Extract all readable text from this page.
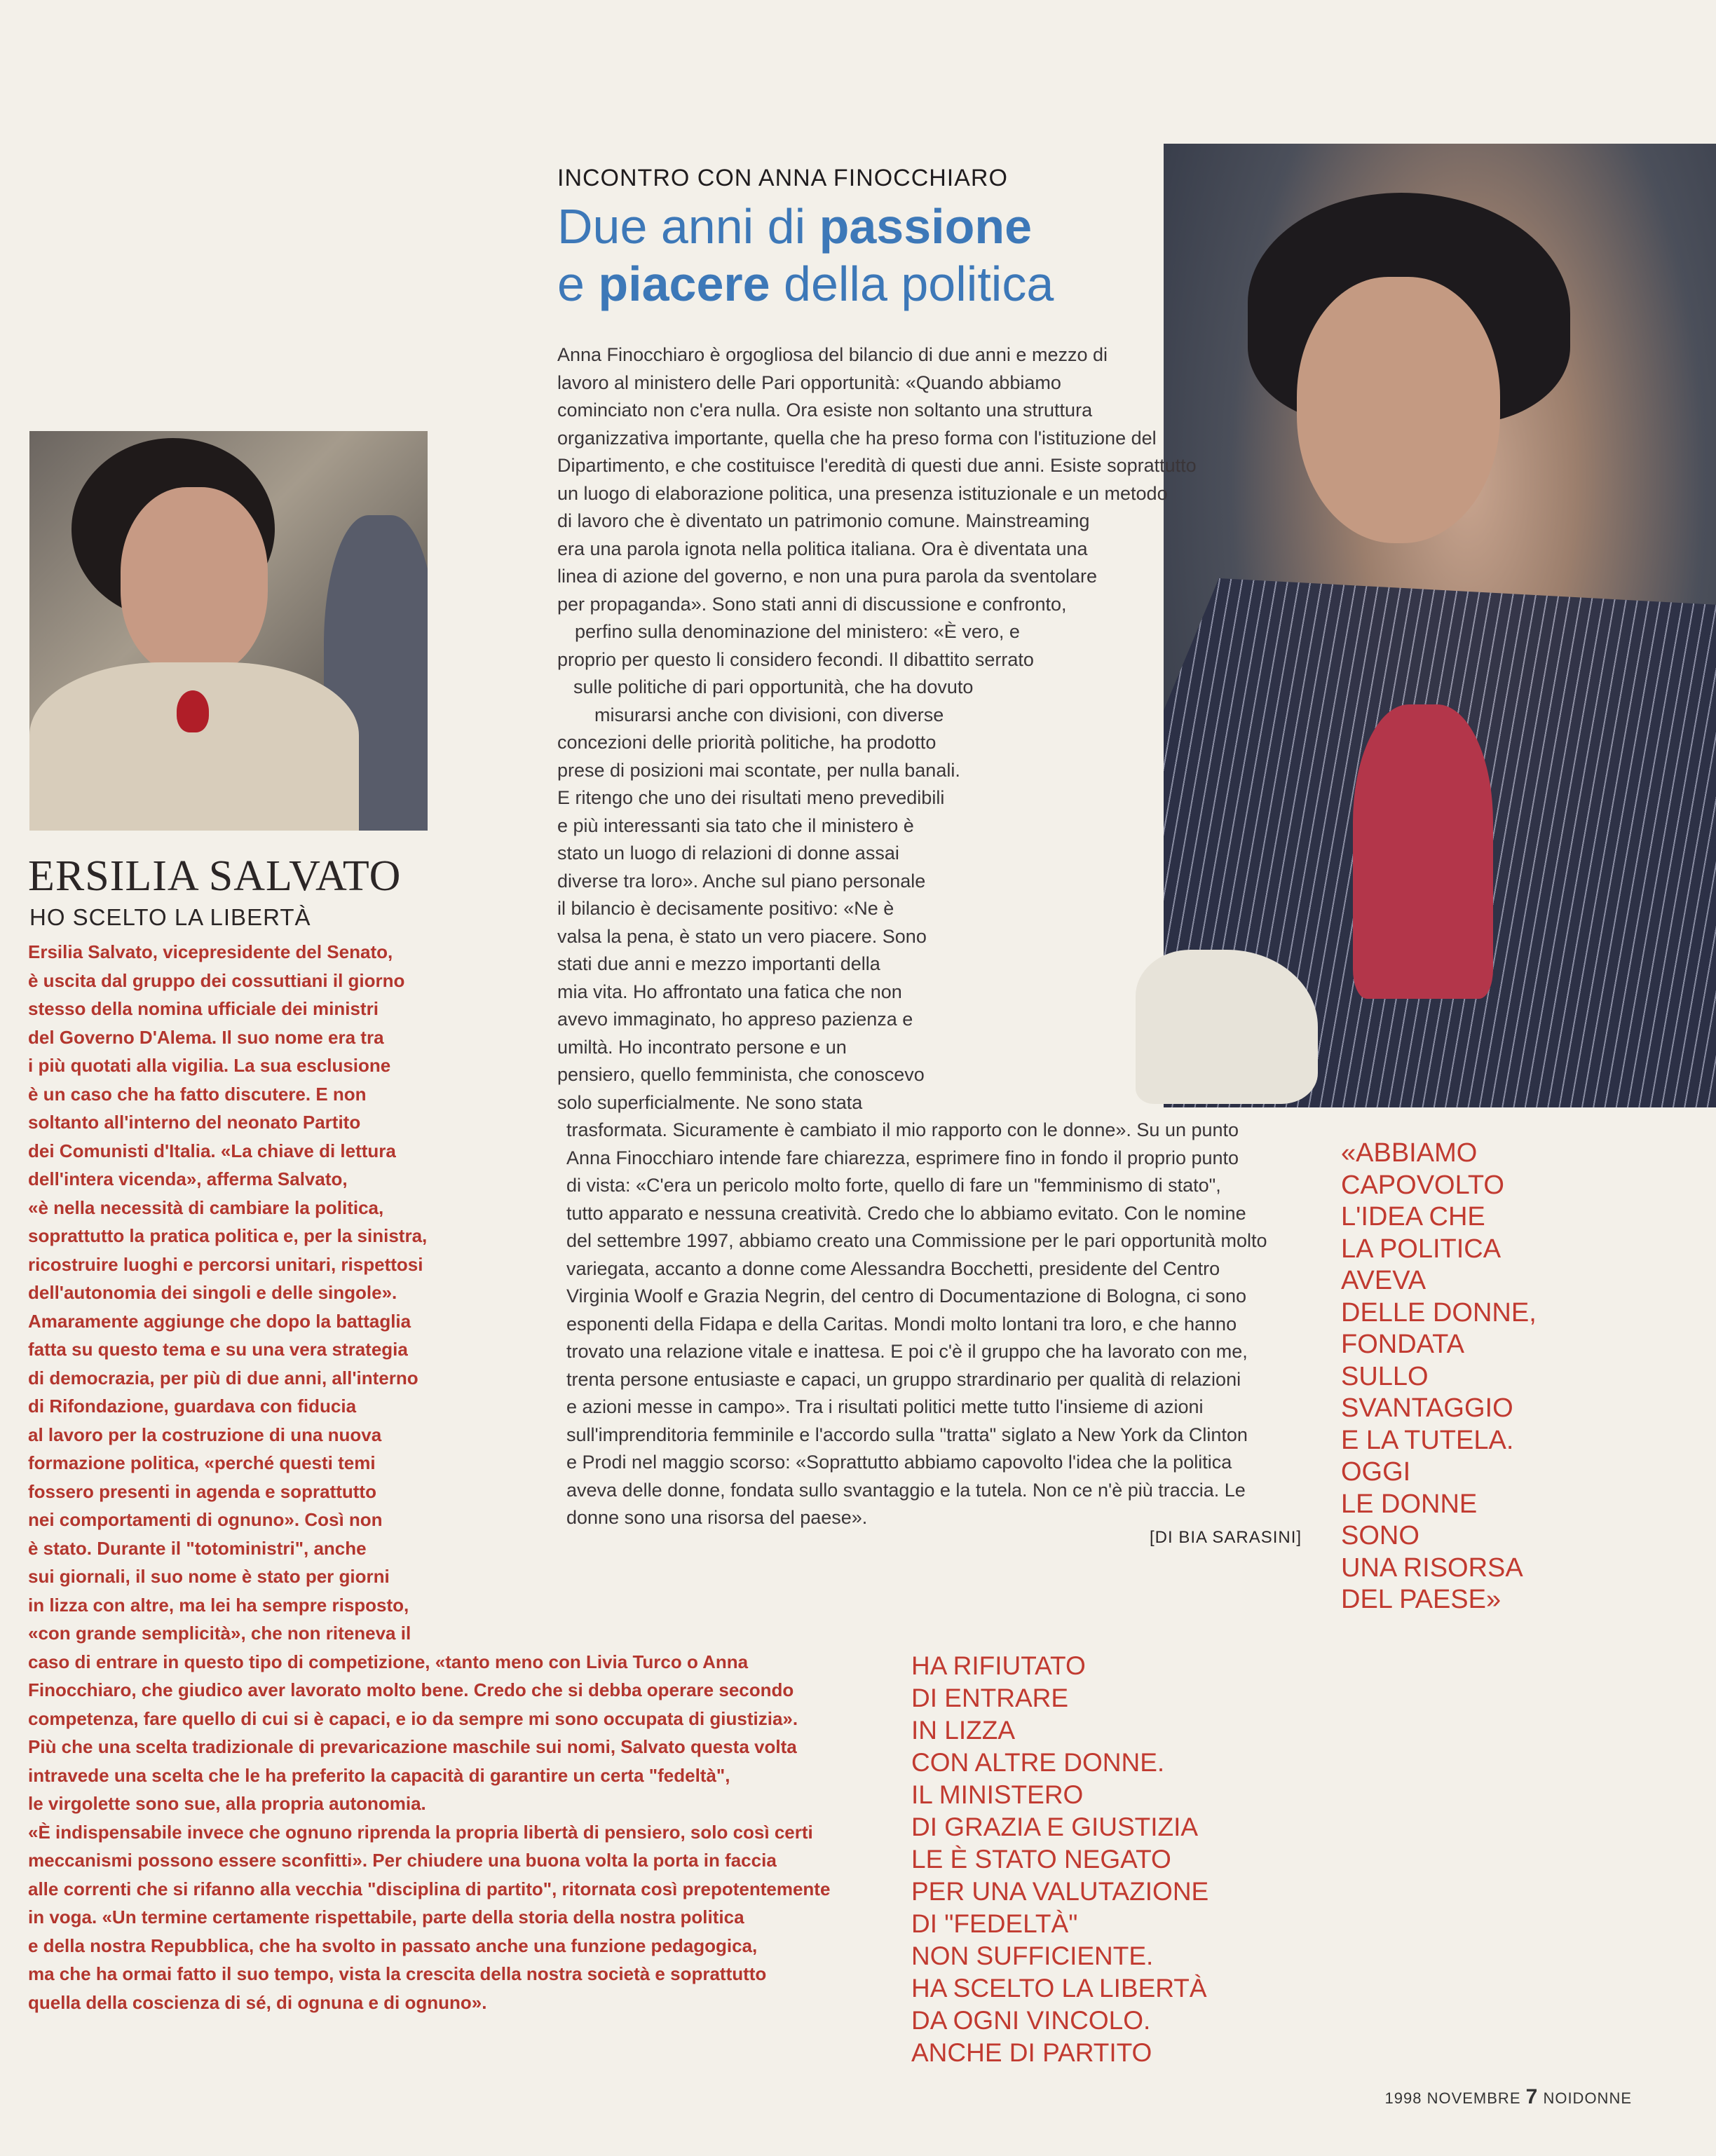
INCONTRO CON ANNA FINOCCHIARO
Due anni di passione
e piacere della politica
Anna Finocchiaro è orgogliosa del bilancio di due anni e mezzo di
lavoro al ministero delle Pari opportunità: «Quando abbiamo
cominciato non c'era nulla. Ora esiste non soltanto una struttura
organizzativa importante, quella che ha preso forma con l'istituzione del
Dipartimento, e che costituisce l'eredità di questi due anni. Esiste soprattutto
un luogo di elaborazione politica, una presenza istituzionale e un metodo
di lavoro che è diventato un patrimonio comune. Mainstreaming
era una parola ignota nella politica italiana. Ora è diventata una
linea di azione del governo, e non una pura parola da sventolare
per propaganda». Sono stati anni di discussione e confronto,
perfino sulla denominazione del ministero: «È vero, e
proprio per questo li considero fecondi. Il dibattito serrato
sulle politiche di pari opportunità, che ha dovuto
misurarsi anche con divisioni, con diverse
concezioni delle priorità politiche, ha prodotto
prese di posizioni mai scontate, per nulla banali.
E ritengo che uno dei risultati meno prevedibili
e più interessanti sia tato che il ministero è
stato un luogo di relazioni di donne assai
diverse tra loro». Anche sul piano personale
il bilancio è decisamente positivo: «Ne è
valsa la pena, è stato un vero piacere. Sono
stati due anni e mezzo importanti della
mia vita. Ho affrontato una fatica che non
avevo immaginato, ho appreso pazienza e
umiltà. Ho incontrato persone e un
pensiero, quello femminista, che conoscevo
solo superficialmente. Ne sono stata
trasformata. Sicuramente è cambiato il mio rapporto con le donne». Su un punto
Anna Finocchiaro intende fare chiarezza, esprimere fino in fondo il proprio punto
di vista: «C'era un pericolo molto forte, quello di fare un "femminismo di stato",
tutto apparato e nessuna creatività. Credo che lo abbiamo evitato. Con le nomine
del settembre 1997, abbiamo creato una Commissione per le pari opportunità molto
variegata, accanto a donne come Alessandra Bocchetti, presidente del Centro
Virginia Woolf e Grazia Negrin, del centro di Documentazione di Bologna, ci sono
esponenti della Fidapa e della Caritas. Mondi molto lontani tra loro, e che hanno
trovato una relazione vitale e inattesa. E poi c'è il gruppo che ha lavorato con me,
trenta persone entusiaste e capaci, un gruppo strardinario per qualità di relazioni
e azioni messe in campo». Tra i risultati politici mette tutto l'insieme di azioni
sull'imprenditoria femminile e l'accordo sulla "tratta" siglato a New York da Clinton
e Prodi nel maggio scorso: «Soprattutto abbiamo capovolto l'idea che la politica
aveva delle donne, fondata sullo svantaggio e la tutela. Non ce n'è più traccia. Le
donne sono una risorsa del paese».
[DI BIA SARASINI]
ERSILIA SALVATO
HO SCELTO LA LIBERTÀ
Ersilia Salvato, vicepresidente del Senato,
è uscita dal gruppo dei cossuttiani il giorno
stesso della nomina ufficiale dei ministri
del Governo D'Alema. Il suo nome era tra
i più quotati alla vigilia. La sua esclusione
è un caso che ha fatto discutere. E non
soltanto all'interno del neonato Partito
dei Comunisti d'Italia. «La chiave di lettura
dell'intera vicenda», afferma Salvato,
«è nella necessità di cambiare la politica,
soprattutto la pratica politica e, per la sinistra,
ricostruire luoghi e percorsi unitari, rispettosi
dell'autonomia dei singoli e delle singole».
Amaramente aggiunge che dopo la battaglia
fatta su questo tema e su una vera strategia
di democrazia, per più di due anni, all'interno
di Rifondazione, guardava con fiducia
al lavoro per la costruzione di una nuova
formazione politica, «perché questi temi
fossero presenti in agenda e soprattutto
nei comportamenti di ognuno». Così non
è stato. Durante il "totoministri", anche
sui giornali, il suo nome è stato per giorni
in lizza con altre, ma lei ha sempre risposto,
«con grande semplicità», che non riteneva il
caso di entrare in questo tipo di competizione, «tanto meno con Livia Turco o Anna
Finocchiaro, che giudico aver lavorato molto bene. Credo che si debba operare secondo
competenza, fare quello di cui si è capaci, e io da sempre mi sono occupata di giustizia».
Più che una scelta tradizionale di prevaricazione maschile sui nomi, Salvato questa volta
intravede una scelta che le ha preferito la capacità di garantire un certa "fedeltà",
le virgolette sono sue, alla propria autonomia.
«È indispensabile invece che ognuno riprenda la propria libertà di pensiero, solo così certi
meccanismi possono essere sconfitti». Per chiudere una buona volta la porta in faccia
alle correnti che si rifanno alla vecchia "disciplina di partito", ritornata così prepotentemente
in voga. «Un termine certamente rispettabile, parte della storia della nostra politica
e della nostra Repubblica, che ha svolto in passato anche una funzione pedagogica,
ma che ha ormai fatto il suo tempo, vista la crescita della nostra società e soprattutto
quella della coscienza di sé, di ognuna e di ognuno».
«ABBIAMO
CAPOVOLTO
L'IDEA CHE
LA POLITICA
AVEVA
DELLE DONNE,
FONDATA
SULLO
SVANTAGGIO
E LA TUTELA.
OGGI
LE DONNE
SONO
UNA RISORSA
DEL PAESE»
HA RIFIUTATO
DI ENTRARE
IN LIZZA
CON ALTRE DONNE.
IL MINISTERO
DI GRAZIA E GIUSTIZIA
LE È STATO NEGATO
PER UNA VALUTAZIONE
DI "FEDELTÀ"
NON SUFFICIENTE.
HA SCELTO LA LIBERTÀ
DA OGNI VINCOLO.
ANCHE DI PARTITO
1998 NOVEMBRE 7 NOIDONNE
